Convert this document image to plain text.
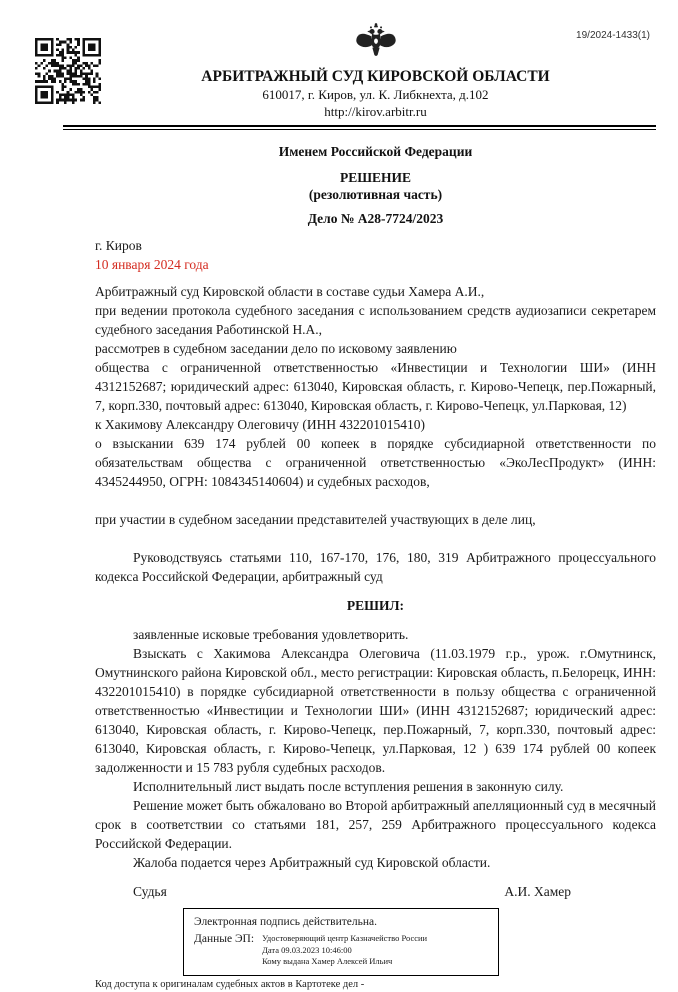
19/2024-1433(1)
АРБИТРАЖНЫЙ СУД КИРОВСКОЙ ОБЛАСТИ
610017, г. Киров, ул. К. Либкнехта, д.102
http://kirov.arbitr.ru
Именем Российской Федерации
РЕШЕНИЕ
(резолютивная часть)
Дело № А28-7724/2023
г. Киров
10 января 2024 года

Арбитражный суд Кировской области в составе судьи Хамера А.И.,

при ведении протокола судебного заседания с использованием средств аудиозаписи секретарем судебного заседания Работинской Н.А.,

рассмотрев в судебном заседании дело по исковому заявлению

общества с ограниченной ответственностью «Инвестиции и Технологии ШИ» (ИНН 4312152687; юридический адрес: 613040, Кировская область, г. Кирово-Чепецк, пер.Пожарный, 7, корп.330, почтовый адрес: 613040, Кировская область, г. Кирово-Чепецк, ул.Парковая, 12)

к Хакимову Александру Олеговичу (ИНН 432201015410)

о взыскании 639 174 рублей 00 копеек в порядке субсидиарной ответственности по обязательствам общества с ограниченной ответственностью «ЭкоЛесПродукт» (ИНН: 4345244950, ОГРН: 1084345140604) и судебных расходов,

при участии в судебном заседании представителей участвующих в деле лиц,

Руководствуясь статьями 110, 167-170, 176, 180, 319 Арбитражного процессуального кодекса Российской Федерации, арбитражный суд

РЕШИЛ:

заявленные исковые требования удовлетворить.

Взыскать с Хакимова Александра Олеговича (11.03.1979 г.р., урож. г.Омутнинск, Омутнинского района Кировской обл., место регистрации: Кировская область, п.Белорецк, ИНН: 432201015410) в порядке субсидиарной ответственности в пользу общества с ограниченной ответственностью «Инвестиции и Технологии ШИ» (ИНН 4312152687; юридический адрес: 613040, Кировская область, г. Кирово-Чепецк, пер.Пожарный, 7, корп.330, почтовый адрес: 613040, Кировская область, г. Кирово-Чепецк, ул.Парковая, 12 ) 639 174 рублей 00 копеек задолженности и 15 783 рубля судебных расходов.

Исполнительный лист выдать после вступления решения в законную силу.

Решение может быть обжаловано во Второй арбитражный апелляционный суд в месячный срок в соответствии со статьями 181, 257, 259 Арбитражного процессуального кодекса Российской Федерации.

Жалоба подается через Арбитражный суд Кировской области.

Судья	А.И. Хамер
Электронная подпись действительна.
Данные ЭП: Удостоверяющий центр Казначейство России
Дата 09.03.2023 10:46:00
Кому выдана Хамер Алексей Ильич
Код доступа к оригиналам судебных актов в Картотеке дел -
